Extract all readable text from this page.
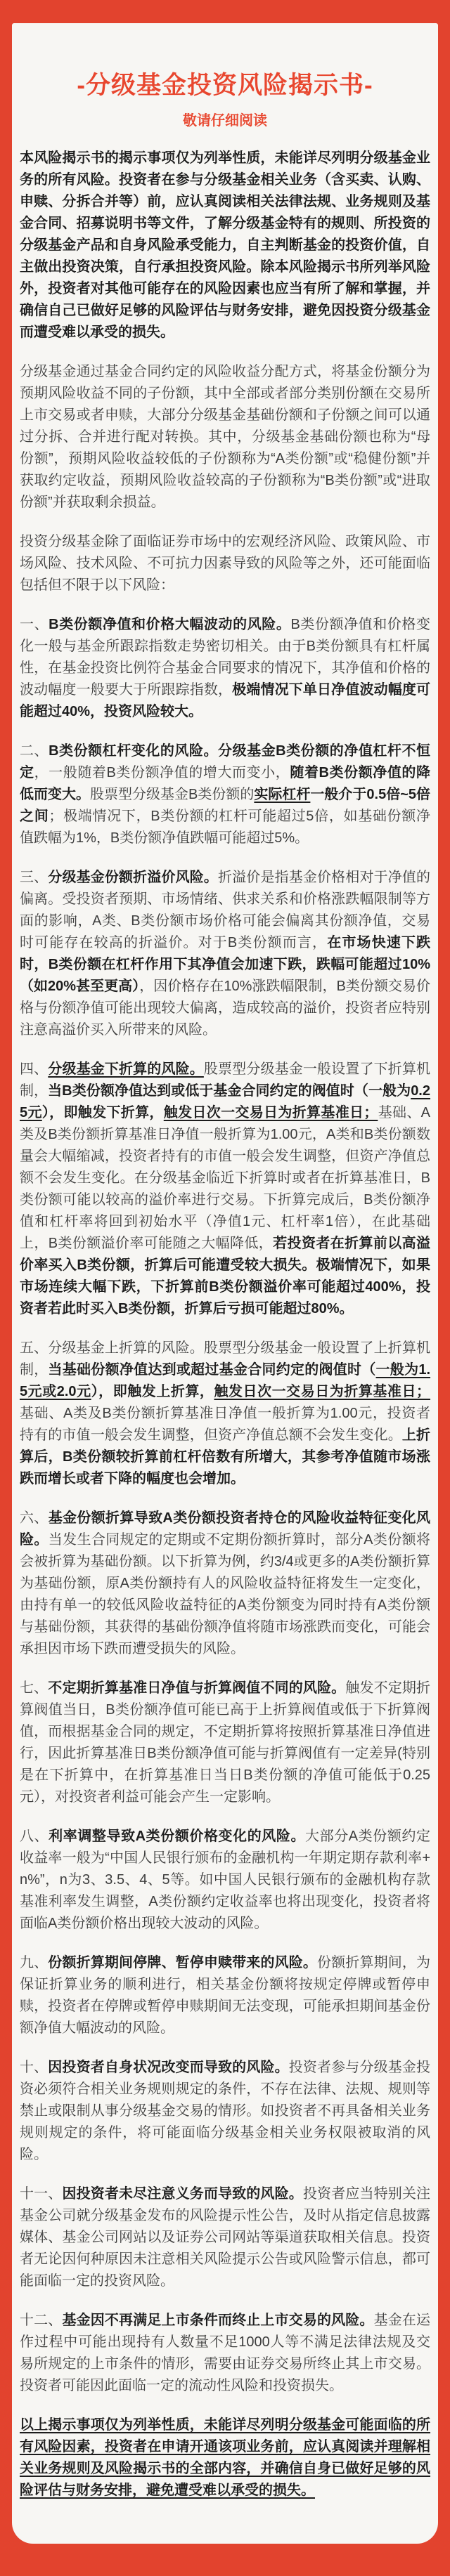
-分级基金投资风险揭示书-
敬请仔细阅读

本风险揭示书的揭示事项仅为列举性质，未能详尽列明分级基金业务的所有风险。投资者在参与分级基金相关业务（含买卖、认购、申赎、分拆合并等）前，应认真阅读相关法律法规、业务规则及基金合同、招募说明书等文件，了解分级基金特有的规则、所投资的分级基金产品和自身风险承受能力，自主判断基金的投资价值，自主做出投资决策，自行承担投资风险。除本风险揭示书所列举风险外，投资者对其他可能存在的风险因素也应当有所了解和掌握，并确信自己已做好足够的风险评估与财务安排，避免因投资分级基金而遭受难以承受的损失。

分级基金通过基金合同约定的风险收益分配方式，将基金份额分为预期风险收益不同的子份额，其中全部或者部分类别份额在交易所上市交易或者申赎，大部分分级基金基础份额和子份额之间可以通过分拆、合并进行配对转换。其中，分级基金基础份额也称为“母份额”，预期风险收益较低的子份额称为“A类份额”或“稳健份额”并获取约定收益，预期风险收益较高的子份额称为“B类份额”或“进取份额”并获取剩余损益。

投资分级基金除了面临证券市场中的宏观经济风险、政策风险、市场风险、技术风险、不可抗力因素导致的风险等之外，还可能面临包括但不限于以下风险：

一、B类份额净值和价格大幅波动的风险。B类份额净值和价格变化一般与基金所跟踪指数走势密切相关。由于B类份额具有杠杆属性，在基金投资比例符合基金合同要求的情况下，其净值和价格的波动幅度一般要大于所跟踪指数，极端情况下单日净值波动幅度可能超过40%，投资风险较大。

二、B类份额杠杆变化的风险。分级基金B类份额的净值杠杆不恒定，一般随着B类份额净值的增大而变小，随着B类份额净值的降低而变大。股票型分级基金B类份额的实际杠杆一般介于0.5倍~5倍之间；极端情况下，B类份额的杠杆可能超过5倍，如基础份额净值跌幅为1%，B类份额净值跌幅可能超过5%。

三、分级基金份额折溢价风险。折溢价是指基金价格相对于净值的偏离。受投资者预期、市场情绪、供求关系和价格涨跌幅限制等方面的影响，A类、B类份额市场价格可能会偏离其份额净值，交易时可能存在较高的折溢价。对于B类份额而言，在市场快速下跌时，B类份额在杠杆作用下其净值会加速下跌，跌幅可能超过10%（如20%甚至更高），因价格存在10%涨跌幅限制，B类份额交易价格与份额净值可能出现较大偏离，造成较高的溢价，投资者应特别注意高溢价买入所带来的风险。

四、分级基金下折算的风险。股票型分级基金一般设置了下折算机制，当B类份额净值达到或低于基金合同约定的阀值时（一般为0.25元），即触发下折算，触发日次一交易日为折算基准日；基础、A类及B类份额折算基准日净值一般折算为1.00元，A类和B类份额数量会大幅缩减，投资者持有的市值一般会发生调整，但资产净值总额不会发生变化。在分级基金临近下折算时或者在折算基准日，B类份额可能以较高的溢价率进行交易。下折算完成后，B类份额净值和杠杆率将回到初始水平（净值1元、杠杆率1倍），在此基础上，B类份额溢价率可能随之大幅降低，若投资者在折算前以高溢价率买入B类份额，折算后可能遭受较大损失。极端情况下，如果市场连续大幅下跌，下折算前B类份额溢价率可能超过400%，投资者若此时买入B类份额，折算后亏损可能超过80%。

五、分级基金上折算的风险。股票型分级基金一般设置了上折算机制，当基础份额净值达到或超过基金合同约定的阀值时（一般为1.5元或2.0元），即触发上折算，触发日次一交易日为折算基准日；基础、A类及B类份额折算基准日净值一般折算为1.00元，投资者持有的市值一般会发生调整，但资产净值总额不会发生变化。上折算后，B类份额较折算前杠杆倍数有所增大，其参考净值随市场涨跌而增长或者下降的幅度也会增加。

六、基金份额折算导致A类份额投资者持仓的风险收益特征变化风险。当发生合同规定的定期或不定期份额折算时，部分A类份额将会被折算为基础份额。以下折算为例，约3/4或更多的A类份额折算为基础份额，原A类份额持有人的风险收益特征将发生一定变化，由持有单一的较低风险收益特征的A类份额变为同时持有A类份额与基础份额，其获得的基础份额净值将随市场涨跌而变化，可能会承担因市场下跌而遭受损失的风险。

七、不定期折算基准日净值与折算阀值不同的风险。触发不定期折算阀值当日，B类份额净值可能已高于上折算阀值或低于下折算阀值，而根据基金合同的规定，不定期折算将按照折算基准日净值进行，因此折算基准日B类份额净值可能与折算阀值有一定差异(特别是在下折算中，在折算基准日当日B类份额的净值可能低于0.25元），对投资者利益可能会产生一定影响。

八、利率调整导致A类份额价格变化的风险。大部分A类份额约定收益率一般为“中国人民银行颁布的金融机构一年期定期存款利率+n%”，n为3、3.5、4、5等。如中国人民银行颁布的金融机构存款基准利率发生调整，A类份额约定收益率也将出现变化，投资者将面临A类份额价格出现较大波动的风险。

九、份额折算期间停牌、暂停申赎带来的风险。份额折算期间，为保证折算业务的顺利进行，相关基金份额将按规定停牌或暂停申赎，投资者在停牌或暂停申赎期间无法变现，可能承担期间基金份额净值大幅波动的风险。

十、因投资者自身状况改变而导致的风险。投资者参与分级基金投资必须符合相关业务规则规定的条件，不存在法律、法规、规则等禁止或限制从事分级基金交易的情形。如投资者不再具备相关业务规则规定的条件，将可能面临分级基金相关业务权限被取消的风险。

十一、因投资者未尽注意义务而导致的风险。投资者应当特别关注基金公司就分级基金发布的风险提示性公告，及时从指定信息披露媒体、基金公司网站以及证券公司网站等渠道获取相关信息。投资者无论因何种原因未注意相关风险提示公告或风险警示信息，都可能面临一定的投资风险。

十二、基金因不再满足上市条件而终止上市交易的风险。基金在运作过程中可能出现持有人数量不足1000人等不满足法律法规及交易所规定的上市条件的情形，需要由证券交易所终止其上市交易。投资者可能因此面临一定的流动性风险和投资损失。

以上揭示事项仅为列举性质，未能详尽列明分级基金可能面临的所有风险因素，投资者在申请开通该项业务前，应认真阅读并理解相关业务规则及风险揭示书的全部内容，并确信自身已做好足够的风险评估与财务安排，避免遭受难以承受的损失。
